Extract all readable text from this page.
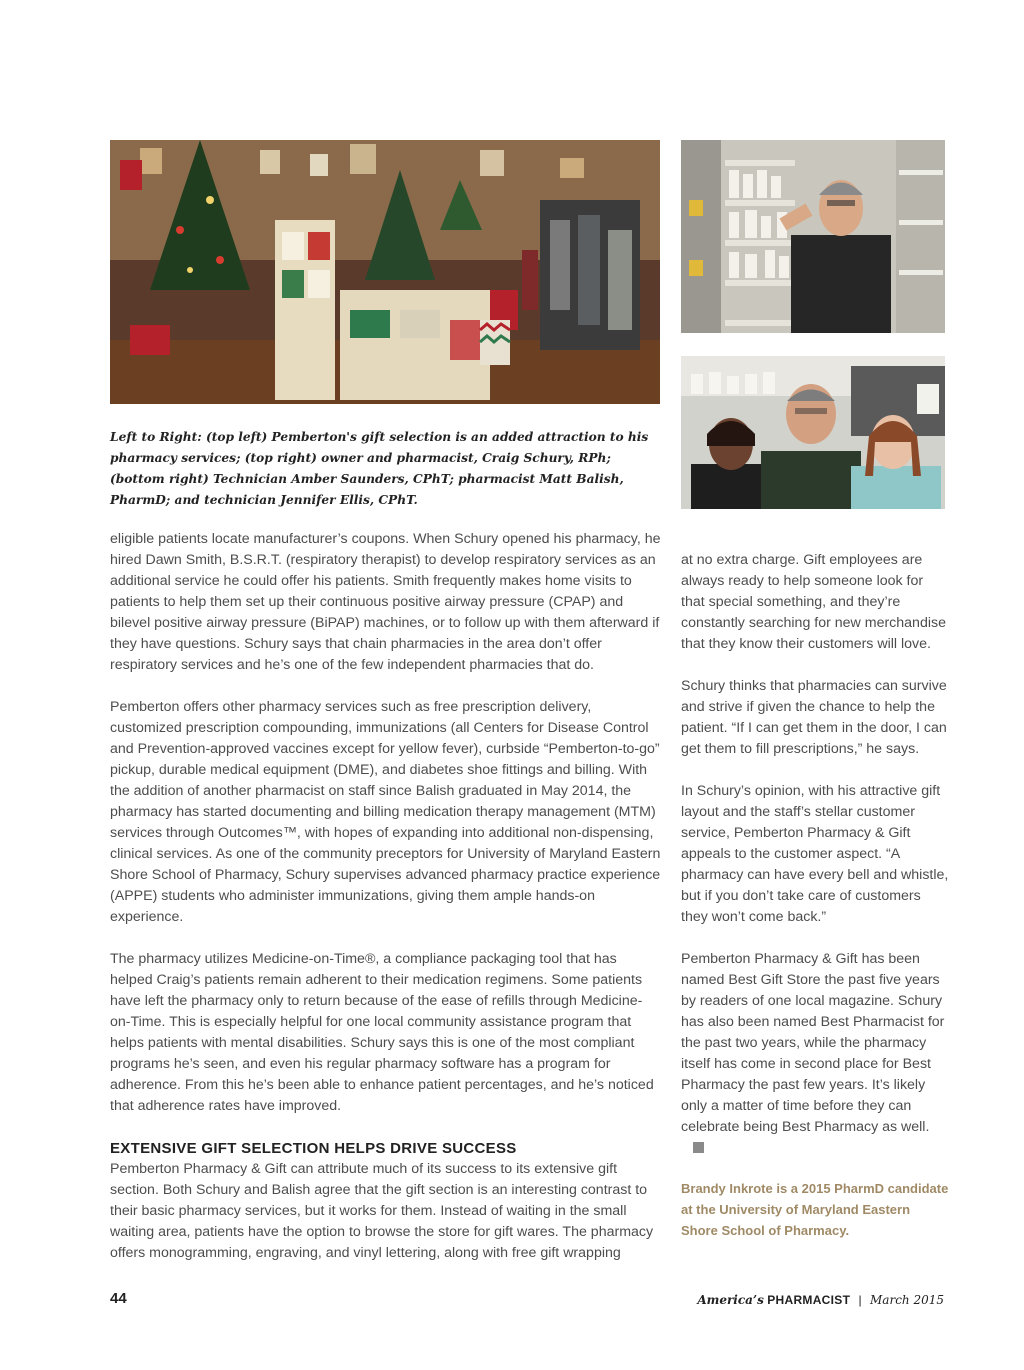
Left to Right: (top left) Pemberton's gift selection is an added attraction to his pharmacy services; (top right) owner and pharmacist, Craig Schury, RPh; (bottom right) Technician Amber Saunders, CPhT; pharmacist Matt Balish, PharmD; and technician Jennifer Ellis, CPhT.

eligible patients locate manufacturer’s coupons. When Schury opened his pharmacy, he hired Dawn Smith, B.S.R.T. (respiratory therapist) to develop respiratory services as an additional service he could offer his patients. Smith frequently makes home visits to patients to help them set up their continuous positive airway pressure (CPAP) and bilevel positive airway pressure (BiPAP) machines, or to follow up with them afterward if they have questions. Schury says that chain pharmacies in the area don’t offer respiratory services and he’s one of the few independent pharmacies that do.

Pemberton offers other pharmacy services such as free prescription delivery, customized prescription compounding, immunizations (all Centers for Disease Control and Prevention-approved vaccines except for yellow fever), curbside “Pemberton-to-go” pickup, durable medical equipment (DME), and diabetes shoe fittings and billing. With the addition of another pharmacist on staff since Balish graduated in May 2014, the pharmacy has started documenting and billing medication therapy management (MTM) services through Outcomes™, with hopes of expanding into additional non-dispensing, clinical services. As one of the community preceptors for University of Maryland Eastern Shore School of Pharmacy, Schury supervises advanced pharmacy practice experience (APPE) students who administer immunizations, giving them ample hands-on experience.

The pharmacy utilizes Medicine-on-Time®, a compliance packaging tool that has helped Craig’s patients remain adherent to their medication regimens. Some patients have left the pharmacy only to return because of the ease of refills through Medicine-on-Time. This is especially helpful for one local community assistance program that helps patients with mental disabilities. Schury says this is one of the most compliant programs he’s seen, and even his regular pharmacy software has a program for adherence. From this he’s been able to enhance patient percentages, and he’s noticed that adherence rates have improved.

EXTENSIVE GIFT SELECTION HELPS DRIVE SUCCESS

Pemberton Pharmacy & Gift can attribute much of its success to its extensive gift section. Both Schury and Balish agree that the gift section is an interesting contrast to their basic pharmacy services, but it works for them. Instead of waiting in the small waiting area, patients have the option to browse the store for gift wares. The pharmacy offers monogramming, engraving, and vinyl lettering, along with free gift wrapping

at no extra charge. Gift employees are always ready to help someone look for that special something, and they’re constantly searching for new merchandise that they know their customers will love.

Schury thinks that pharmacies can survive and strive if given the chance to help the patient. “If I can get them in the door, I can get them to fill prescriptions,” he says.

In Schury’s opinion, with his attractive gift layout and the staff’s stellar customer service, Pemberton Pharmacy & Gift appeals to the customer aspect. “A pharmacy can have every bell and whistle, but if you don’t take care of customers they won’t come back.”

Pemberton Pharmacy & Gift has been named Best Gift Store the past five years by readers of one local magazine. Schury has also been named Best Pharmacist for the past two years, while the pharmacy itself has come in second place for Best Pharmacy the past few years. It’s likely only a matter of time before they can celebrate being Best Pharmacy as well.

Brandy Inkrote is a 2015 PharmD candidate at the University of Maryland Eastern Shore School of Pharmacy.
44	America’s PHARMACIST | March 2015
